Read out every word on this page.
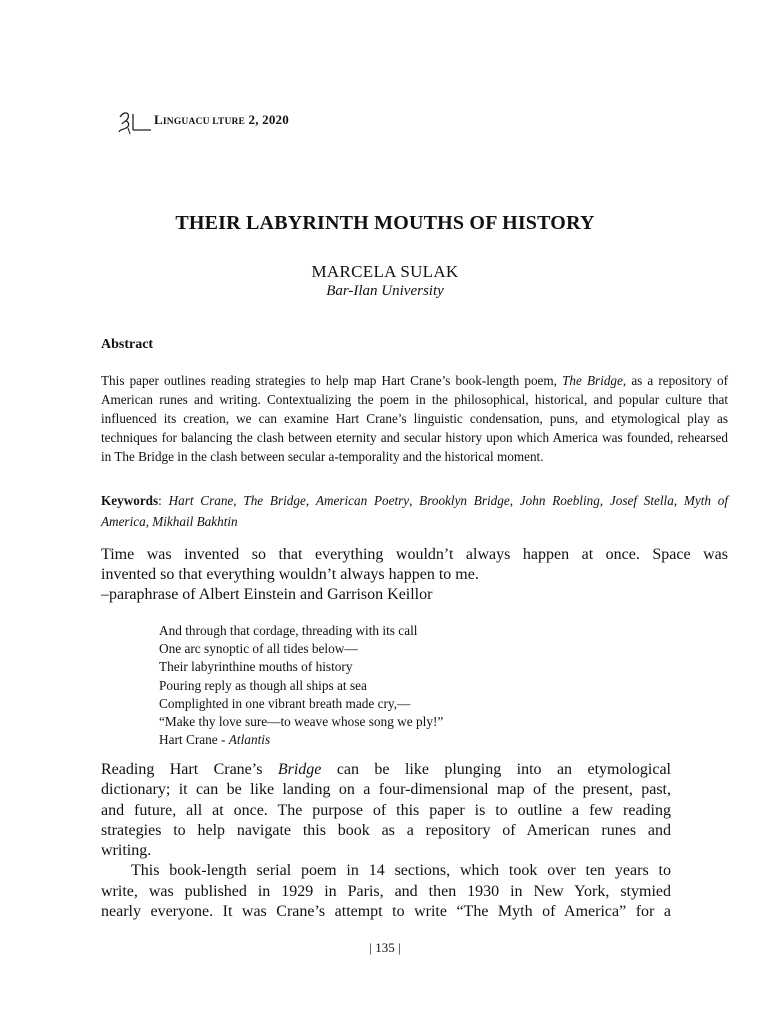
LINGUACU LTURE 2, 2020
THEIR LABYRINTH MOUTHS OF HISTORY
MARCELA SULAK
Bar-Ilan University
Abstract
This paper outlines reading strategies to help map Hart Crane’s book-length poem, The Bridge, as a repository of American runes and writing. Contextualizing the poem in the philosophical, historical, and popular culture that influenced its creation, we can examine Hart Crane’s linguistic condensation, puns, and etymological play as techniques for balancing the clash between eternity and secular history upon which America was founded, rehearsed in The Bridge in the clash between secular a-temporality and the historical moment.
Keywords: Hart Crane, The Bridge, American Poetry, Brooklyn Bridge, John Roebling, Josef Stella, Myth of America, Mikhail Bakhtin
Time was invented so that everything wouldn’t always happen at once. Space was
invented so that everything wouldn’t always happen to me.
–paraphrase of Albert Einstein and Garrison Keillor
And through that cordage, threading with its call
One arc synoptic of all tides below—
Their labyrinthine mouths of history
Pouring reply as though all ships at sea
Complighted in one vibrant breath made cry,—
“Make thy love sure—to weave whose song we ply!”
Hart Crane - Atlantis
Reading Hart Crane’s Bridge can be like plunging into an etymological
dictionary; it can be like landing on a four-dimensional map of the present, past,
and future, all at once. The purpose of this paper is to outline a few reading
strategies to help navigate this book as a repository of American runes and
writing.
This book-length serial poem in 14 sections, which took over ten years to
write, was published in 1929 in Paris, and then 1930 in New York, stymied
nearly everyone. It was Crane’s attempt to write “The Myth of America” for a
| 135 |
